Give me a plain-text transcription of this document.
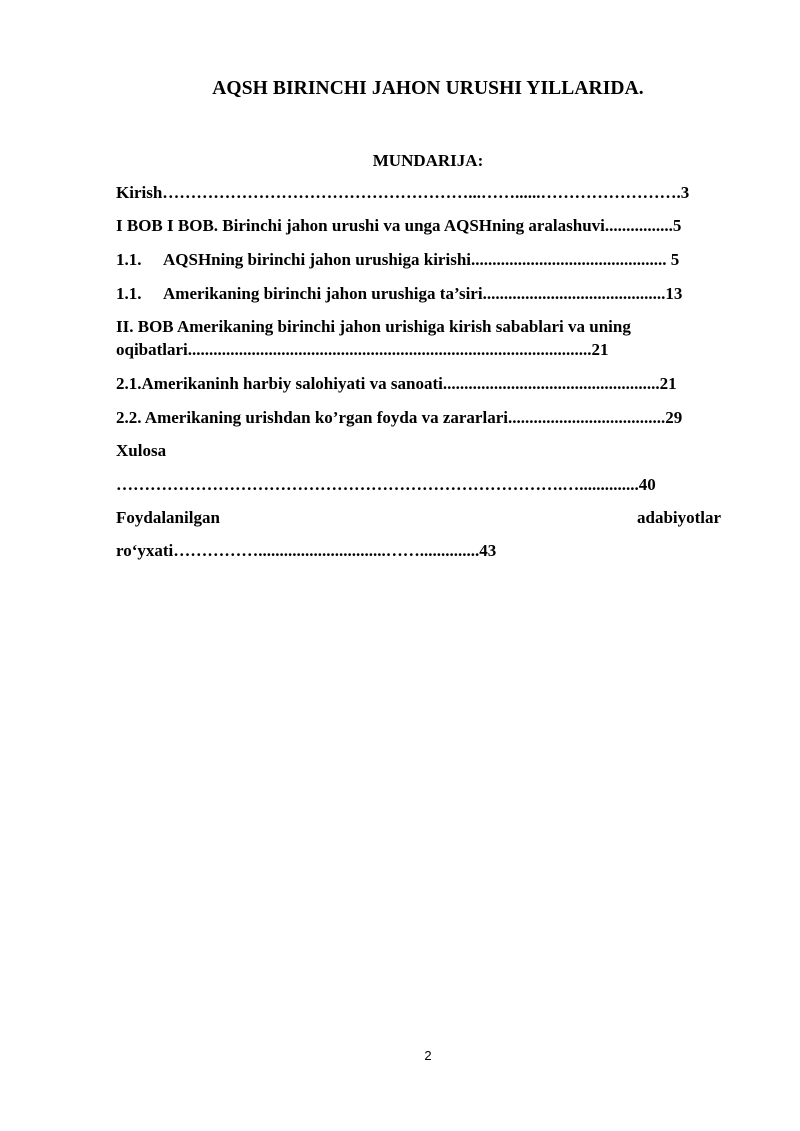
AQSH BIRINCHI JAHON URUSHI YILLARIDA.
MUNDARIJA:
Kirish………………………………………………...……......…………………….3
I BOB I BOB. Birinchi jahon urushi va unga AQSHning aralashuvi................5
1.1. AQSHning birinchi jahon urushiga kirishi.............................................. 5
1.1. Amerikaning birinchi jahon urushiga ta’siri...........................................13
II. BOB Amerikaning birinchi jahon urishiga kirish sabablari va uning
oqibatlari...............................................................................................21
2.1.Amerikaninh harbiy salohiyati va sanoati...................................................21
2.2. Amerikaning urishdan ko’rgan foyda va zararlari.....................................29
Xulosa
…………………………………………………………………….…..............40
Foydalanilgan	adabiyotlar
ro‘yxati……………..............................……..............43
2
